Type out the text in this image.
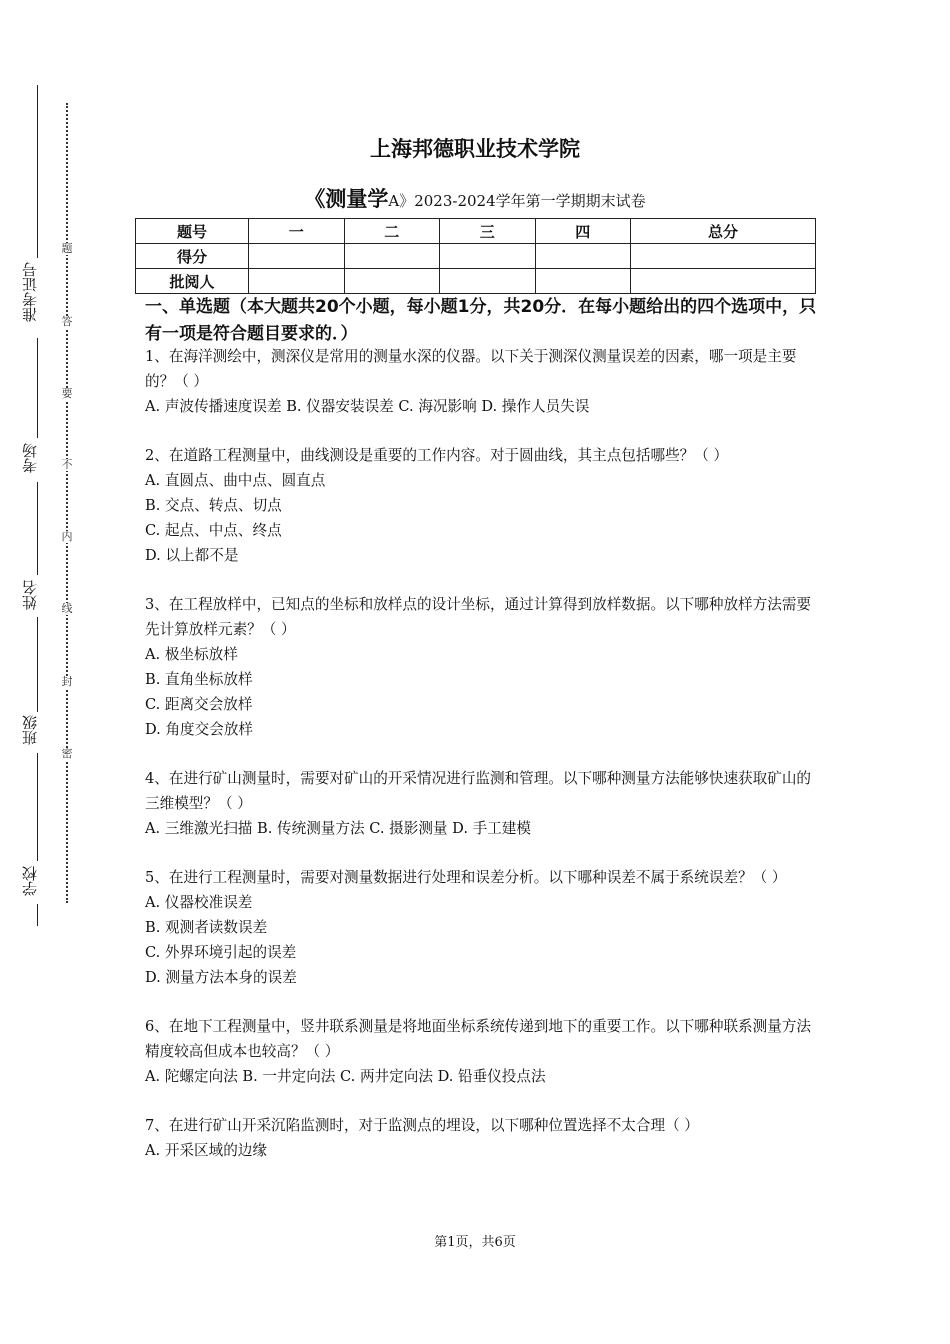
准考证号
考场
姓名
班级
学校
题
答
要
不
内
线
封
密
上海邦德职业技术学院
《测量学A》2023-2024学年第一学期期末试卷
题号	一	二	三	四	总分
得分					
批阅人					
一、单选题（本大题共20个小题，每小题1分，共20分．在每小题给出的四个选项中，只有一项是符合题目要求的．）

1、在海洋测绘中，测深仪是常用的测量水深的仪器。以下关于测深仪测量误差的因素，哪一项是主要的？（ ）

A. 声波传播速度误差 B. 仪器安装误差 C. 海况影响 D. 操作人员失误

2、在道路工程测量中，曲线测设是重要的工作内容。对于圆曲线，其主点包括哪些？（ ）

A. 直圆点、曲中点、圆直点

B. 交点、转点、切点

C. 起点、中点、终点

D. 以上都不是

3、在工程放样中，已知点的坐标和放样点的设计坐标，通过计算得到放样数据。以下哪种放样方法需要先计算放样元素？（ ）

A. 极坐标放样

B. 直角坐标放样

C. 距离交会放样

D. 角度交会放样

4、在进行矿山测量时，需要对矿山的开采情况进行监测和管理。以下哪种测量方法能够快速获取矿山的三维模型？（ ）

A. 三维激光扫描 B. 传统测量方法 C. 摄影测量 D. 手工建模

5、在进行工程测量时，需要对测量数据进行处理和误差分析。以下哪种误差不属于系统误差？（ ）

A. 仪器校准误差

B. 观测者读数误差

C. 外界环境引起的误差

D. 测量方法本身的误差

6、在地下工程测量中，竖井联系测量是将地面坐标系统传递到地下的重要工作。以下哪种联系测量方法精度较高但成本也较高？（ ）

A. 陀螺定向法 B. 一井定向法 C. 两井定向法 D. 铅垂仪投点法

7、在进行矿山开采沉陷监测时，对于监测点的埋设，以下哪种位置选择不太合理（ ）

A. 开采区域的边缘

第1页，共6页
